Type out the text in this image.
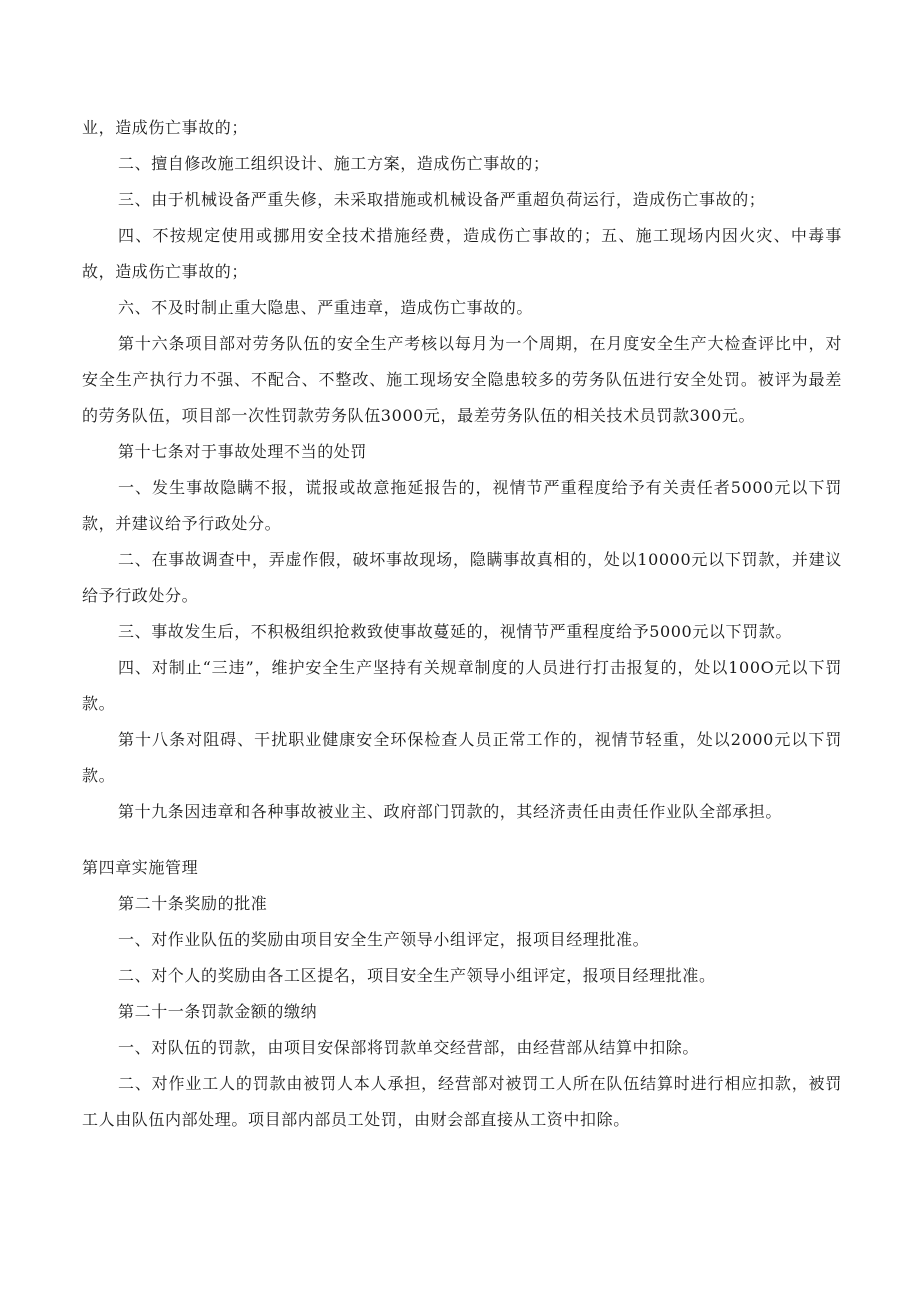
业，造成伤亡事故的；

二、擅自修改施工组织设计、施工方案，造成伤亡事故的；

三、由于机械设备严重失修，未采取措施或机械设备严重超负荷运行，造成伤亡事故的；

四、不按规定使用或挪用安全技术措施经费，造成伤亡事故的；五、施工现场内因火灾、中毒事故，造成伤亡事故的；

六、不及时制止重大隐患、严重违章，造成伤亡事故的。

第十六条项目部对劳务队伍的安全生产考核以每月为一个周期，在月度安全生产大检查评比中，对安全生产执行力不强、不配合、不整改、施工现场安全隐患较多的劳务队伍进行安全处罚。被评为最差的劳务队伍，项目部一次性罚款劳务队伍3000元，最差劳务队伍的相关技术员罚款300元。

第十七条对于事故处理不当的处罚

一、发生事故隐瞒不报，谎报或故意拖延报告的，视情节严重程度给予有关责任者5000元以下罚款，并建议给予行政处分。

二、在事故调查中，弄虚作假，破坏事故现场，隐瞒事故真相的，处以10000元以下罚款，并建议给予行政处分。

三、事故发生后，不积极组织抢救致使事故蔓延的，视情节严重程度给予5000元以下罚款。

四、对制止“三违”，维护安全生产坚持有关规章制度的人员进行打击报复的，处以100O元以下罚款。

第十八条对阻碍、干扰职业健康安全环保检查人员正常工作的，视情节轻重，处以2000元以下罚款。

第十九条因违章和各种事故被业主、政府部门罚款的，其经济责任由责任作业队全部承担。

第四章实施管理

第二十条奖励的批准

一、对作业队伍的奖励由项目安全生产领导小组评定，报项目经理批准。

二、对个人的奖励由各工区提名，项目安全生产领导小组评定，报项目经理批准。

第二十一条罚款金额的缴纳

一、对队伍的罚款，由项目安保部将罚款单交经营部，由经营部从结算中扣除。

二、对作业工人的罚款由被罚人本人承担，经营部对被罚工人所在队伍结算时进行相应扣款，被罚工人由队伍内部处理。项目部内部员工处罚，由财会部直接从工资中扣除。
